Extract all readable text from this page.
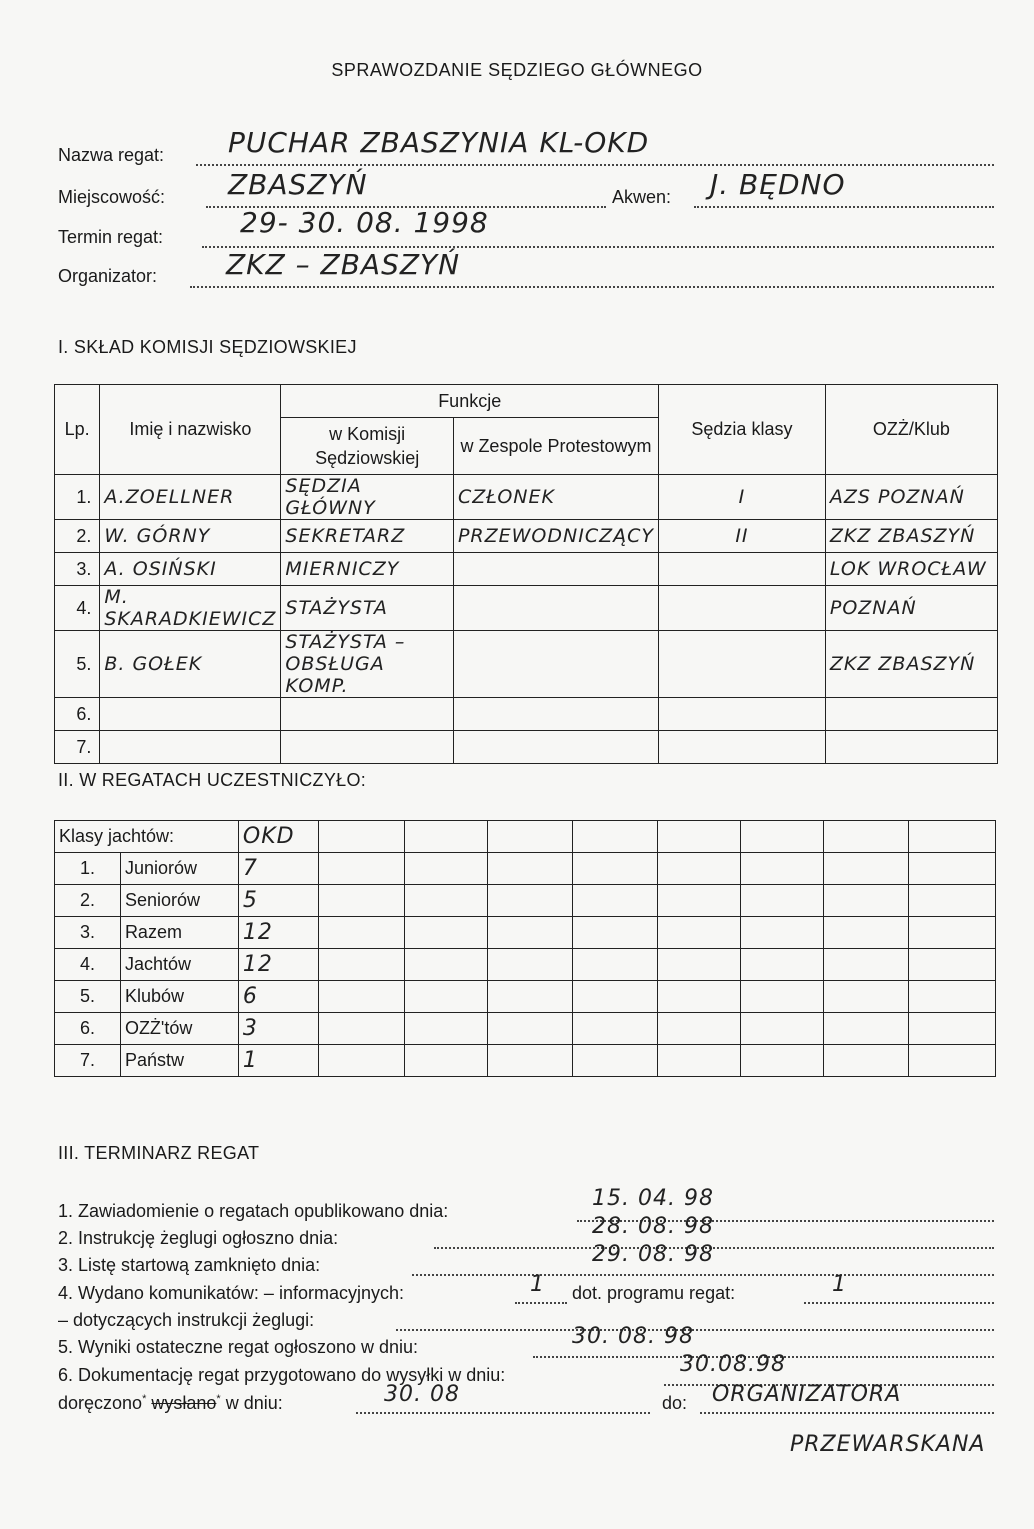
SPRAWOZDANIE SĘDZIEGO GŁÓWNEGO
Nazwa regat: PUCHAR ZBASZYNIA KL-OKD
Miejscowość: ZBASZYŃ	Akwen: J. BĘDNO
Termin regat:	29- 30. 08. 1998
Organizator: ZKZ – ZBASZYŃ
I. SKŁAD KOMISJI SĘDZIOWSKIEJ
Lp.	Imię i nazwisko	Funkcje		Sędzia klasy	OZŻ/Klub
		w Komisji Sędziowskiej	w Zespole Protestowym		
1.	A.ZOELLNER	SĘDZIA GŁÓWNY	CZŁONEK	I	AZS POZNAŃ
2.	W. GÓRNY	SEKRETARZ	PRZEWODNICZĄCY	II	ZKZ ZBASZYŃ
3.	A. OSIŃSKI	MIERNICZY			LOK WROCŁAW
4.	M. SKARADKIEWICZ	STAŻYSTA			POZNAŃ
5.	B. GOŁEK	STAŻYSTA – OBSŁUGA KOMP.			ZKZ ZBASZYŃ
6.					
7.					
II. W REGATACH UCZESTNICZYŁO:
Klasy jachtów:		OKD								
1.	Juniorów	7								
2.	Seniorów	5								
3.	Razem	12								
4.	Jachtów	12								
5.	Klubów	6								
6.	OZŻ'tów	3								
7.	Państw	1								
III. TERMINARZ REGAT
1. Zawiadomienie o regatach opublikowano dnia:	15. 04. 98
2. Instrukcję żeglugi ogłoszno dnia:	28. 08. 98
3. Listę startową zamknięto dnia:	29. 08. 98
4. Wydano komunikatów: – informacyjnych:	1 dot. programu regat:	1
– dotyczących instrukcji żeglugi:
5. Wyniki ostateczne regat ogłoszono w dniu:	30. 08. 98
6. Dokumentację regat przygotowano do wysyłki w dniu:	30.08.98
doręczono* wysłano* w dniu:	30. 08	do: ORGANIZATORA
PRZEWARSKANA
